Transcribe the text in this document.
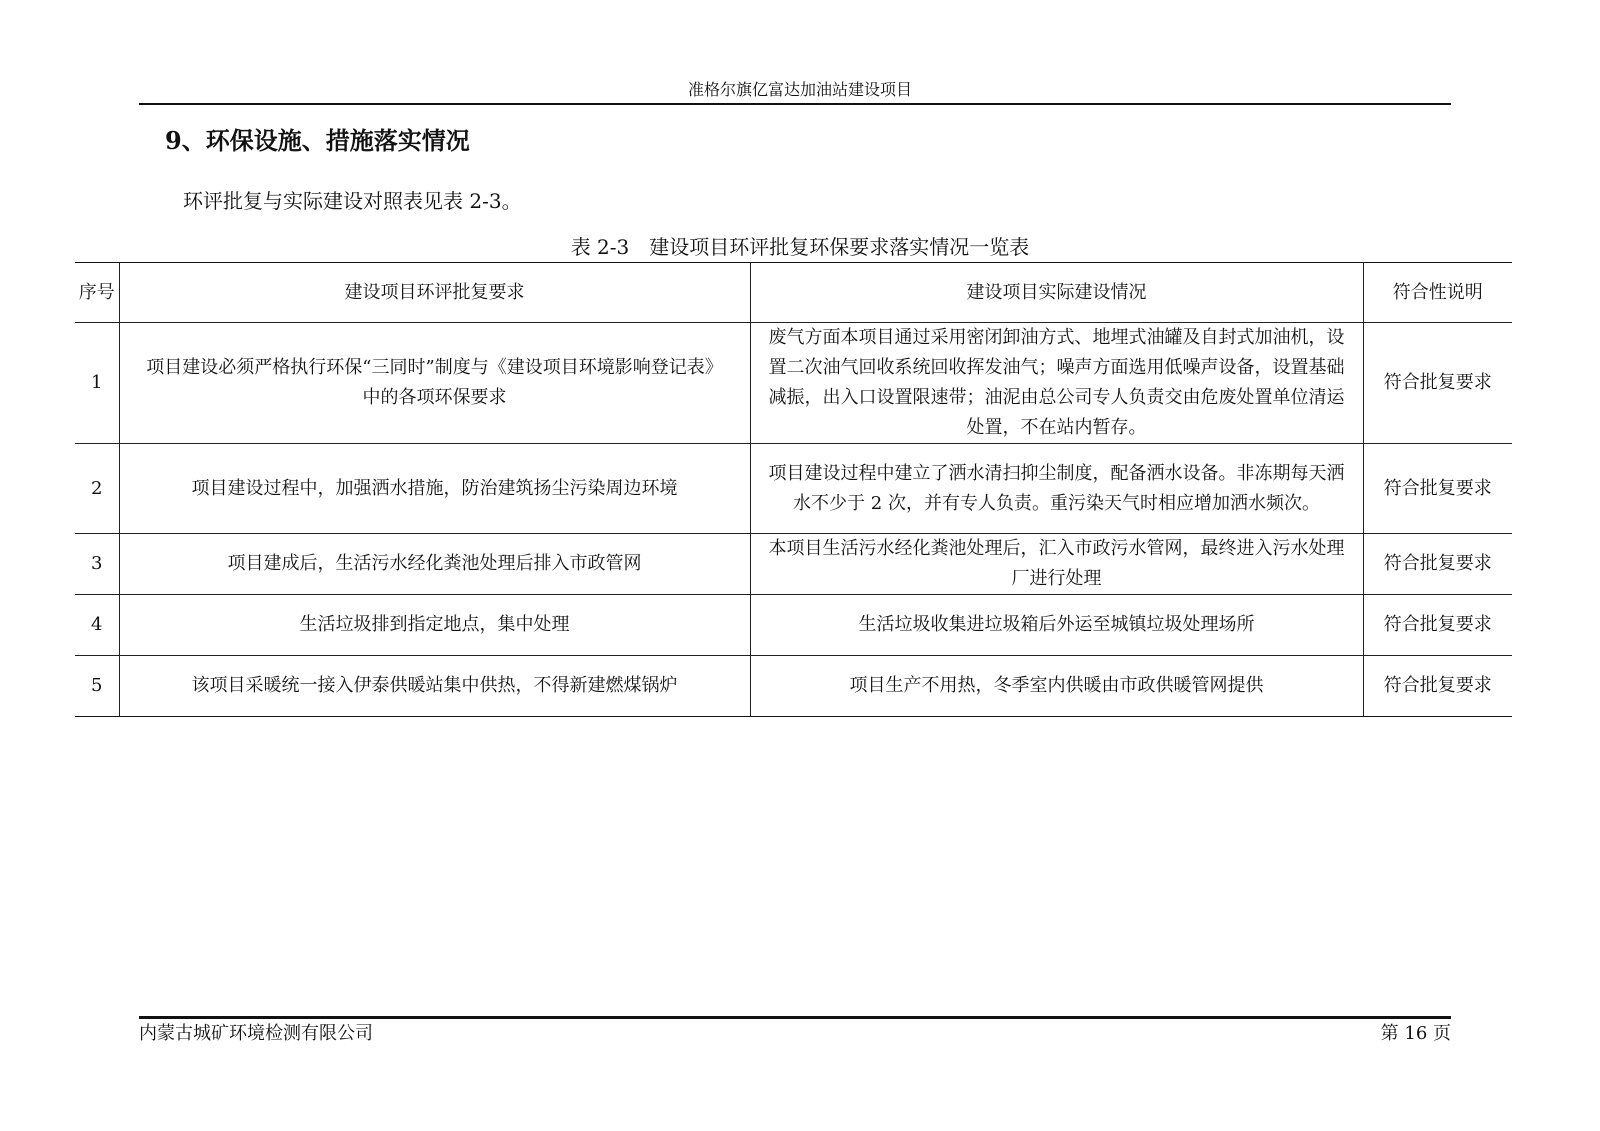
准格尔旗亿富达加油站建设项目
9、环保设施、措施落实情况
环评批复与实际建设对照表见表 2-3。
表 2-3　建设项目环评批复环保要求落实情况一览表
序号	建设项目环评批复要求	建设项目实际建设情况	符合性说明
1	项目建设必须严格执行环保“三同时”制度与《建设项目环境影响登记表》中的各项环保要求	废气方面本项目通过采用密闭卸油方式、地埋式油罐及自封式加油机，设置二次油气回收系统回收挥发油气；噪声方面选用低噪声设备，设置基础减振，出入口设置限速带；油泥由总公司专人负责交由危废处置单位清运处置，不在站内暂存。	符合批复要求
2	项目建设过程中，加强洒水措施，防治建筑扬尘污染周边环境	项目建设过程中建立了洒水清扫抑尘制度，配备洒水设备。非冻期每天洒水不少于 2 次，并有专人负责。重污染天气时相应增加洒水频次。	符合批复要求
3	项目建成后，生活污水经化粪池处理后排入市政管网	本项目生活污水经化粪池处理后，汇入市政污水管网，最终进入污水处理厂进行处理	符合批复要求
4	生活垃圾排到指定地点，集中处理	生活垃圾收集进垃圾箱后外运至城镇垃圾处理场所	符合批复要求
5	该项目采暖统一接入伊泰供暖站集中供热，不得新建燃煤锅炉	项目生产不用热，冬季室内供暖由市政供暖管网提供	符合批复要求
内蒙古城矿环境检测有限公司	第 16 页
